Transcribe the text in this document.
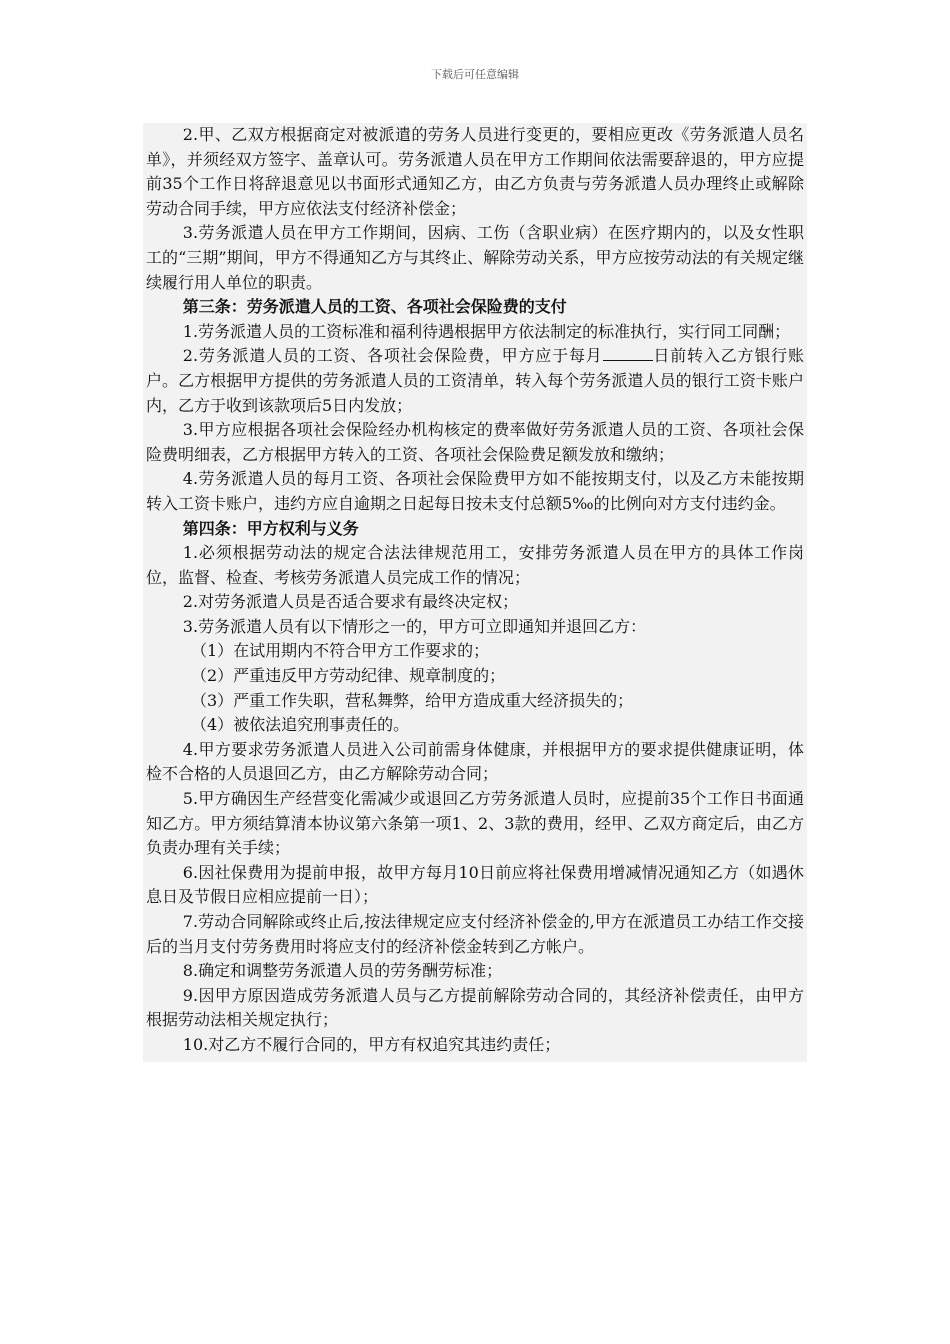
下载后可任意编辑

2.甲、乙双方根据商定对被派遣的劳务人员进行变更的，要相应更改《劳务派遣人员名单》，并须经双方签字、盖章认可。劳务派遣人员在甲方工作期间依法需要辞退的，甲方应提前35个工作日将辞退意见以书面形式通知乙方，由乙方负责与劳务派遣人员办理终止或解除劳动合同手续，甲方应依法支付经济补偿金；

3.劳务派遣人员在甲方工作期间，因病、工伤（含职业病）在医疗期内的，以及女性职工的“三期”期间，甲方不得通知乙方与其终止、解除劳动关系，甲方应按劳动法的有关规定继续履行用人单位的职责。

第三条：劳务派遣人员的工资、各项社会保险费的支付

1.劳务派遣人员的工资标准和福利待遇根据甲方依法制定的标准执行，实行同工同酬；

2.劳务派遣人员的工资、各项社会保险费，甲方应于每月	日前转入乙方银行账户。乙方根据甲方提供的劳务派遣人员的工资清单，转入每个劳务派遣人员的银行工资卡账户内，乙方于收到该款项后5日内发放；

3.甲方应根据各项社会保险经办机构核定的费率做好劳务派遣人员的工资、各项社会保险费明细表，乙方根据甲方转入的工资、各项社会保险费足额发放和缴纳；

4.劳务派遣人员的每月工资、各项社会保险费甲方如不能按期支付，以及乙方未能按期转入工资卡账户，违约方应自逾期之日起每日按未支付总额5‰的比例向对方支付违约金。

第四条：甲方权利与义务

1.必须根据劳动法的规定合法法律规范用工，安排劳务派遣人员在甲方的具体工作岗位，监督、检查、考核劳务派遣人员完成工作的情况；

2.对劳务派遣人员是否适合要求有最终决定权；

3.劳务派遣人员有以下情形之一的，甲方可立即通知并退回乙方：

（1）在试用期内不符合甲方工作要求的；

（2）严重违反甲方劳动纪律、规章制度的；

（3）严重工作失职，营私舞弊，给甲方造成重大经济损失的；

（4）被依法追究刑事责任的。

4.甲方要求劳务派遣人员进入公司前需身体健康，并根据甲方的要求提供健康证明，体检不合格的人员退回乙方，由乙方解除劳动合同；

5.甲方确因生产经营变化需减少或退回乙方劳务派遣人员时，应提前35个工作日书面通知乙方。甲方须结算清本协议第六条第一项1、2、3款的费用，经甲、乙双方商定后，由乙方负责办理有关手续；

6.因社保费用为提前申报，故甲方每月10日前应将社保费用增减情况通知乙方（如遇休息日及节假日应相应提前一日）；

7.劳动合同解除或终止后,按法律规定应支付经济补偿金的,甲方在派遣员工办结工作交接后的当月支付劳务费用时将应支付的经济补偿金转到乙方帐户。

8.确定和调整劳务派遣人员的劳务酬劳标准；

9.因甲方原因造成劳务派遣人员与乙方提前解除劳动合同的，其经济补偿责任，由甲方根据劳动法相关规定执行；

10.对乙方不履行合同的，甲方有权追究其违约责任；
